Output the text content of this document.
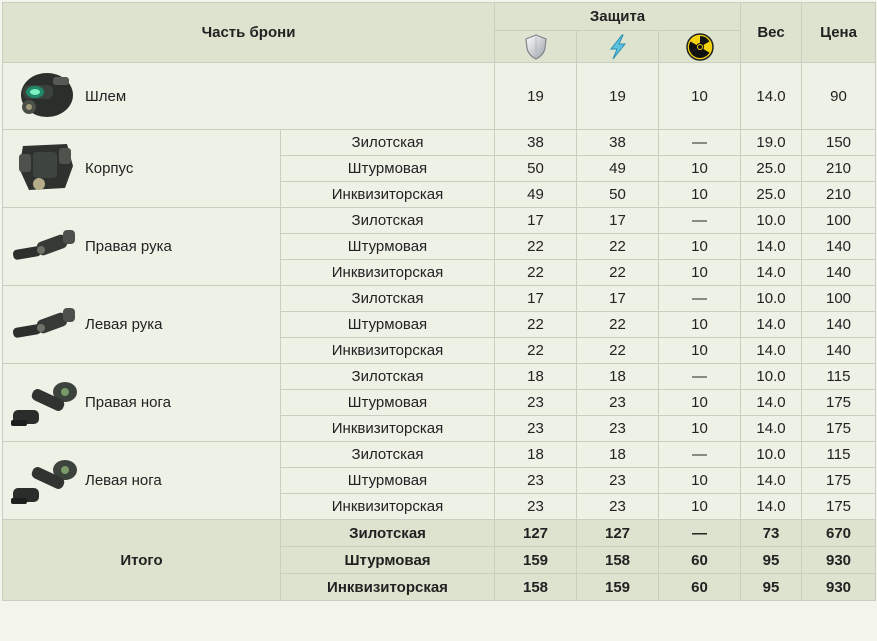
Часть брони		Защита			Вес	Цена

Шлем		19	19	10	14.0	90

Корпус	Зилотская	38	38	—	19.0	150
	Штурмовая	50	49	10	25.0	210
	Инквизиторская	49	50	10	25.0	210

Правая рука	Зилотская	17	17	—	10.0	100
	Штурмовая	22	22	10	14.0	140
	Инквизиторская	22	22	10	14.0	140

Левая рука	Зилотская	17	17	—	10.0	100
	Штурмовая	22	22	10	14.0	140
	Инквизиторская	22	22	10	14.0	140

Правая нога	Зилотская	18	18	—	10.0	115
	Штурмовая	23	23	10	14.0	175
	Инквизиторская	23	23	10	14.0	175

Левая нога	Зилотская	18	18	—	10.0	115
	Штурмовая	23	23	10	14.0	175
	Инквизиторская	23	23	10	14.0	175
Итого	Зилотская	127	127	—	73	670
	Штурмовая	159	158	60	95	930
	Инквизиторская	158	159	60	95	930
